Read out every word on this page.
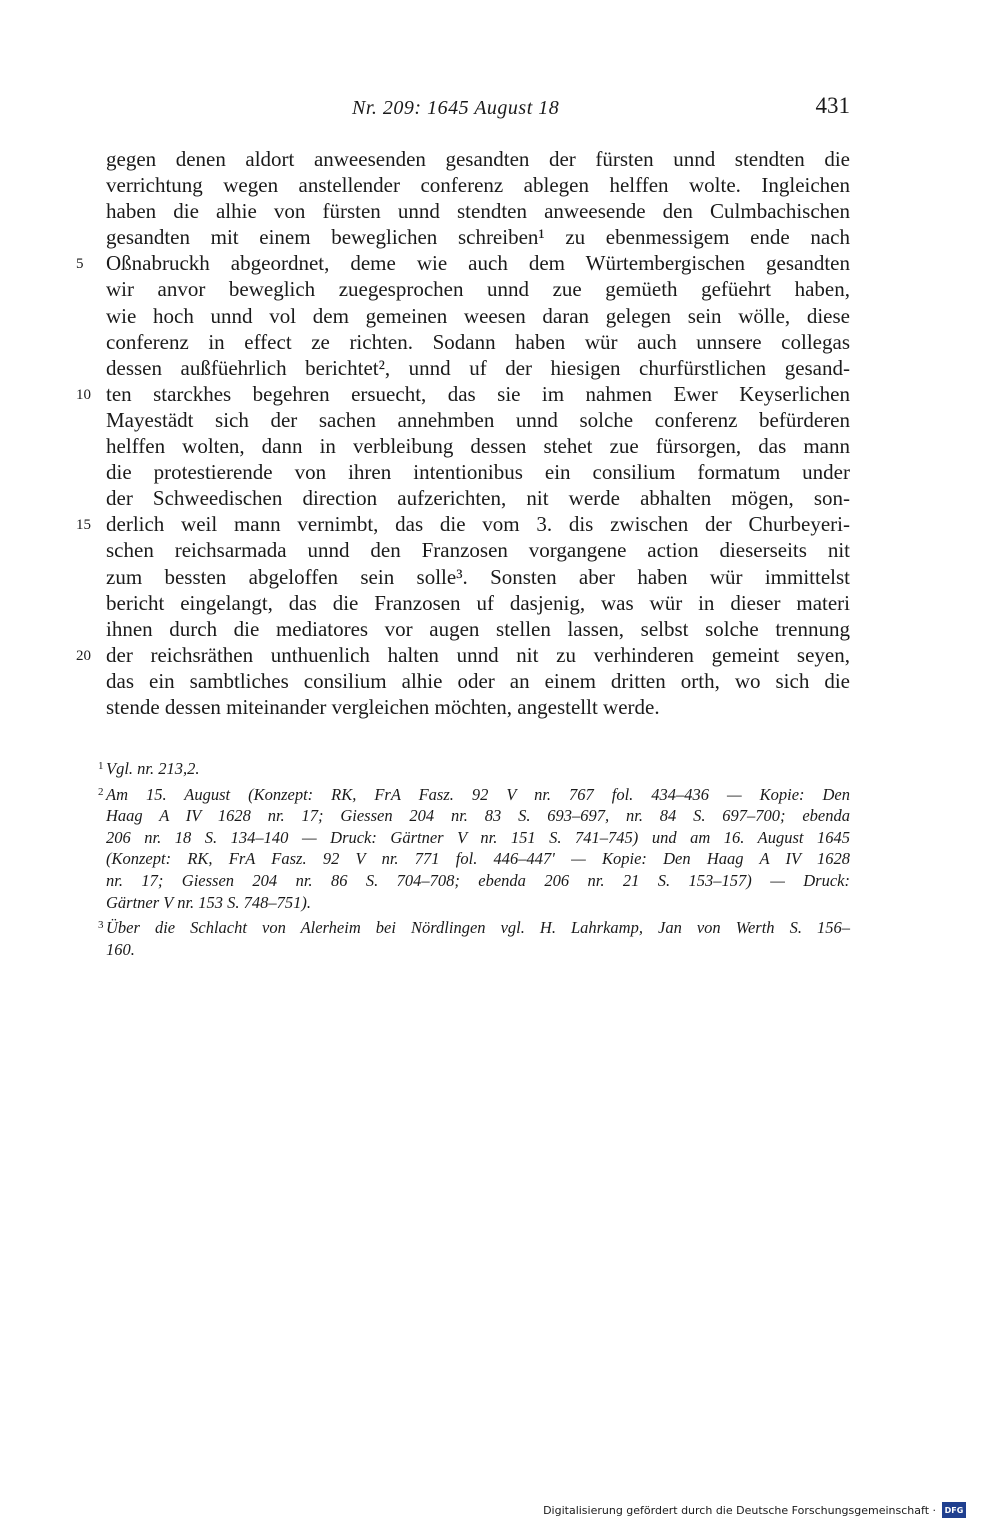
Nr. 209: 1645 August 18	431
gegen denen aldort anweesenden gesandten der fürsten unnd stendten die
verrichtung wegen anstellender conferenz ablegen helffen wolte. Ingleichen
haben die alhie von fürsten unnd stendten anweesende den Culmbachischen
gesandten mit einem beweglichen schreiben¹ zu ebenmessigem ende nach
5	Oßnabruckh abgeordnet, deme wie auch dem Würtembergischen gesandten
wir anvor beweglich zuegesprochen unnd zue gemüeth gefüehrt haben,
wie hoch unnd vol dem gemeinen weesen daran gelegen sein wölle, diese
conferenz in effect ze richten. Sodann haben wür auch unnsere collegas
dessen außfüehrlich berichtet², unnd uf der hiesigen churfürstlichen gesand-
10 ten starckhes begehren ersuecht, das sie im nahmen Ewer Keyserlichen
Mayestädt sich der sachen annehmben unnd solche conferenz befürderen
helffen wolten, dann in verbleibung dessen stehet zue fürsorgen, das mann
die protestierende von ihren intentionibus ein consilium formatum under
der Schweedischen direction aufzerichten, nit werde abhalten mögen, son-
15 derlich weil mann vernimbt, das die vom 3. dis zwischen der Churbeyeri-
schen reichsarmada unnd den Franzosen vorgangene action dieserseits nit
zum bessten abgeloffen sein solle³. Sonsten aber haben wür immittelst
bericht eingelangt, das die Franzosen uf dasjenig, was wür in dieser materi
ihnen durch die mediatores vor augen stellen lassen, selbst solche trennung
20 der reichsräthen unthuenlich halten unnd nit zu verhinderen gemeint seyen,
das ein sambtliches consilium alhie oder an einem dritten orth, wo sich die
stende dessen miteinander vergleichen möchten, angestellt werde.
1 Vgl. nr. 213,2.
2 Am 15. August (Konzept: RK, FrA Fasz. 92 V nr. 767 fol. 434–436 — Kopie: Den
Haag A IV 1628 nr. 17; Giessen 204 nr. 83 S. 693–697, nr. 84 S. 697–700; ebenda
206 nr. 18 S. 134–140 — Druck: Gärtner V nr. 151 S. 741–745) und am 16. August 1645
(Konzept: RK, FrA Fasz. 92 V nr. 771 fol. 446–447' — Kopie: Den Haag A IV 1628
nr. 17; Giessen 204 nr. 86 S. 704–708; ebenda 206 nr. 21 S. 153–157) — Druck:
Gärtner V nr. 153 S. 748–751).
3 Über die Schlacht von Alerheim bei Nördlingen vgl. H. Lahrkamp, Jan von Werth S. 156–
160.
Digitalisierung gefördert durch die Deutsche Forschungsgemeinschaft ·	DFG
